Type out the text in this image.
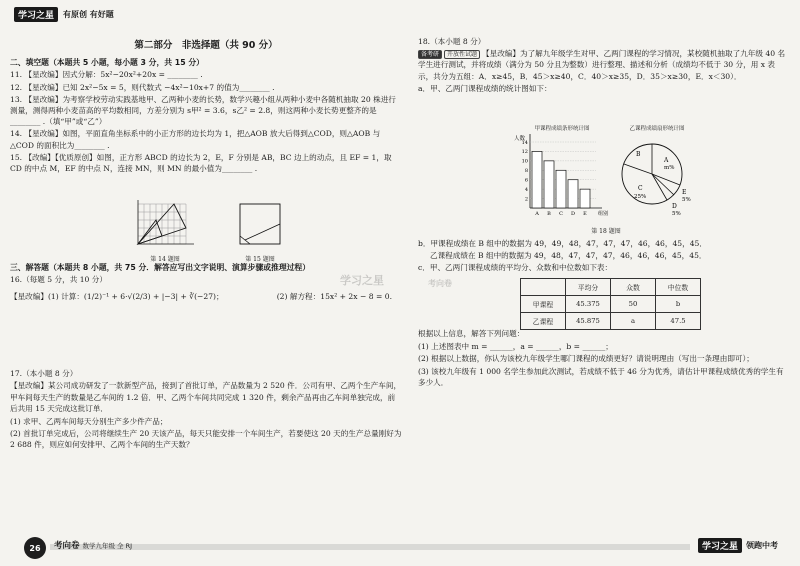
学习之星	有原创 有好题
第二部分　非选择题（共 90 分）
二、填空题（本题共 5 小题，每小题 3 分，共 15 分）
11. 【星改编】因式分解：5x²−20x²+20x = ________ .
12. 【星改编】已知 2x²−5x = 5，则代数式 −4x²−10x+7 的值为________ .
13. 【星改编】为考察学校劳动实践基地甲、乙两种小麦的长势，数学兴趣小组从两种小麦中各随机抽取 20 株进行测量，测得两种小麦苗高的平均数相同，方差分别为 s甲² = 3.6，s乙² = 2.8，则这两种小麦长势更整齐的是________ .（填“甲”或“乙”）
14. 【星改编】如图，平面直角坐标系中的小正方形的边长均为 1，把△AOB 放大后得到△COD，则△AOB 与△COD 的面积比为________ .
15. 【改编】【优质原创】如图，正方形 ABCD 的边长为 2，E，F 分别是 AB，BC 边上的动点，且 EF = 1，取 CD 的中点 M，EF 的中点 N，连接 MN，则 MN 的最小值为________ .
第 14 题图	第 15 题图
三、解答题（本题共 8 小题，共 75 分．解答应写出文字说明、演算步骤或推理过程）
16.（每题 5 分，共 10 分）
【星改编】(1) 计算：(1/2)⁻¹ + 6·√(2/3) + |−3| + ∛(−27)；	(2) 解方程：15x² + 2x − 8 = 0.
17.（本小题 8 分）
【星改编】某公司成功研发了一款新型产品，接到了首批订单，产品数量为 2 520 件．公司有甲、乙两个生产车间，甲车间每天生产的数量是乙车间的 1.2 倍．甲、乙两个车间共同完成 1 320 件，剩余产品再由乙车间单独完成，前后共用 15 天完成这批订单．
(1) 求甲、乙两车间每天分别生产多少件产品；
(2) 首批订单完成后，公司将继续生产 20 天该产品，每天只能安排一个车间生产，若要使这 20 天的生产总量刚好为 2 688 件，则应如何安排甲、乙两个车间的生产天数？
18.（本小题 8 分）
备考研 开放性试题 【星改编】为了解九年级学生对甲、乙两门课程的学习情况，某校随机抽取了九年级 40 名学生进行测试，并将成绩（满分为 50 分且为整数）进行整理、描述和分析（成绩均不低于 30 分，用 x 表示，共分为五组：A．x≥45，B．45＞x≥40，C．40＞x≥35，D．35＞x≥30，E．x＜30）．
a．甲、乙两门课程成绩的统计图如下：
甲课程成绩条形统计图
人数
2
4
6
8
10
12
14
A B C D E 组别
乙课程成绩扇形统计图
A
m%
B
C
25%
E
5%
D
5%
第 18 题图
b．甲课程成绩在 B 组中的数据为 49，49，48，47，47，47，46，46，45，45．
乙课程成绩在 B 组中的数据为 49，48，47，47，47，46，46，46，45，45．
c．甲、乙两门课程成绩的平均分、众数和中位数如下表：
	平均分	众数	中位数
甲课程	45.375	50	b
乙课程	45.875	a	47.5
根据以上信息，解答下列问题：
(1) 上述图表中 m = ______，a = ______，b = ______；
(2) 根据以上数据，你认为该校九年级学生哪门课程的成绩更好？请说明理由（写出一条理由即可）；
(3) 该校九年级有 1 000 名学生参加此次测试，若成绩不低于 46 分为优秀，请估计甲课程成绩优秀的学生有多少人．
学习之星	考向卷
26	考向卷 数学九年级 全 RJ	学习之星	领跑中考
